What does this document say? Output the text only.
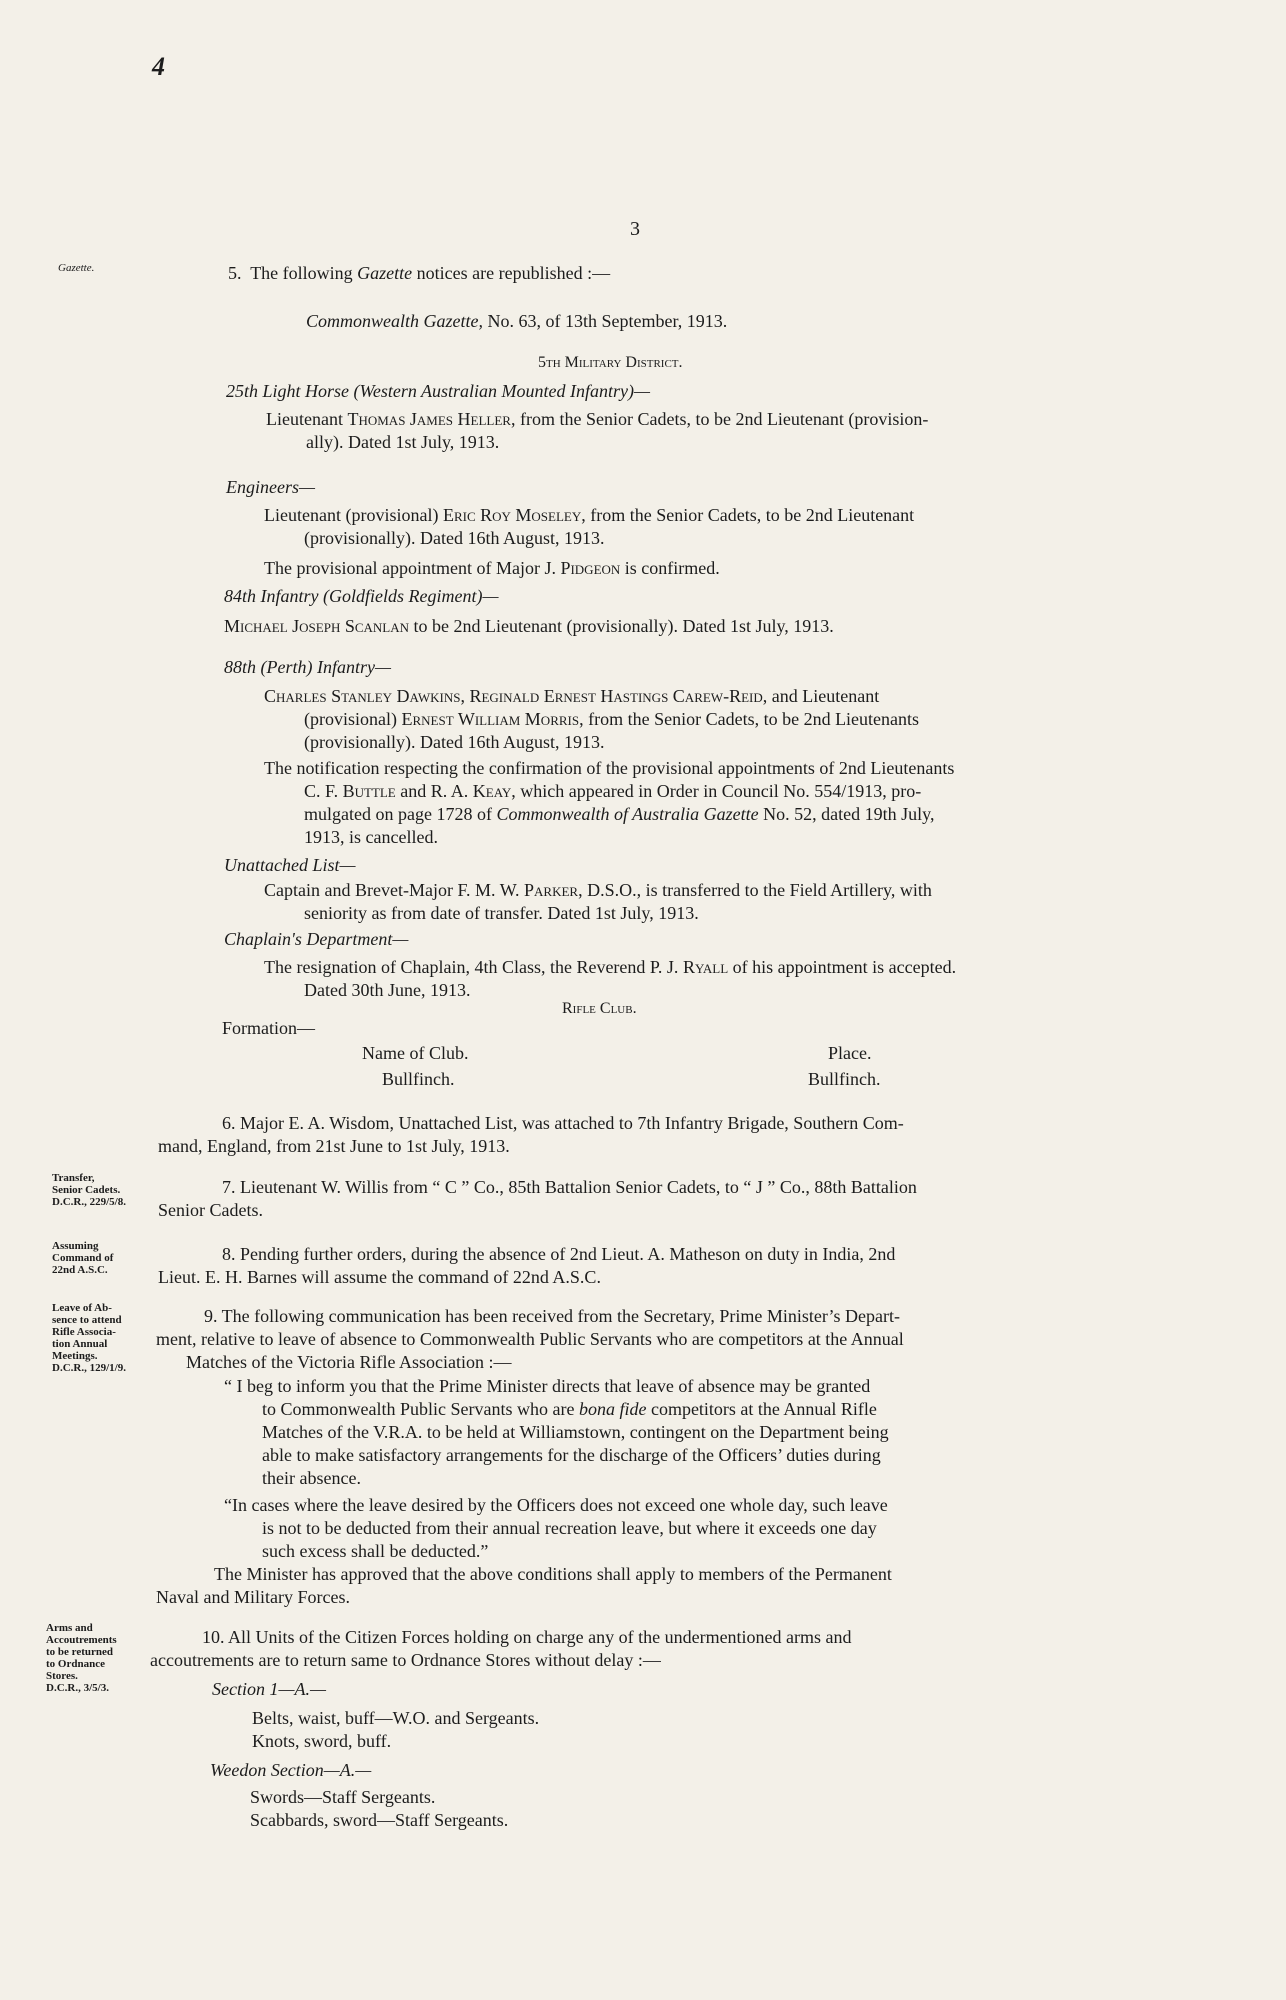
4
3
Gazette.
Transfer,
Senior Cadets.
D.C.R., 229/5/8.
Assuming
Command of
22nd A.S.C.
Leave of Ab-
sence to attend
Rifle Associa-
tion Annual
Meetings.
D.C.R., 129/1/9.
Arms and
Accoutrements
to be returned
to Ordnance
Stores.
D.C.R., 3/5/3.
5. The following Gazette notices are republished :—
Commonwealth Gazette, No. 63, of 13th September, 1913.
5th Military District.
25th Light Horse (Western Australian Mounted Infantry)—
Lieutenant Thomas James Heller, from the Senior Cadets, to be 2nd Lieutenant (provision-
ally). Dated 1st July, 1913.
Engineers—
Lieutenant (provisional) Eric Roy Moseley, from the Senior Cadets, to be 2nd Lieutenant
(provisionally). Dated 16th August, 1913.
The provisional appointment of Major J. Pidgeon is confirmed.
84th Infantry (Goldfields Regiment)—
Michael Joseph Scanlan to be 2nd Lieutenant (provisionally). Dated 1st July, 1913.
88th (Perth) Infantry—
Charles Stanley Dawkins, Reginald Ernest Hastings Carew-Reid, and Lieutenant
(provisional) Ernest William Morris, from the Senior Cadets, to be 2nd Lieutenants
(provisionally). Dated 16th August, 1913.
The notification respecting the confirmation of the provisional appointments of 2nd Lieutenants
C. F. Buttle and R. A. Keay, which appeared in Order in Council No. 554/1913, pro-
mulgated on page 1728 of Commonwealth of Australia Gazette No. 52, dated 19th July,
1913, is cancelled.
Unattached List—
Captain and Brevet-Major F. M. W. Parker, D.S.O., is transferred to the Field Artillery, with
seniority as from date of transfer. Dated 1st July, 1913.
Chaplain's Department—
The resignation of Chaplain, 4th Class, the Reverend P. J. Ryall of his appointment is accepted.
Dated 30th June, 1913.
Rifle Club.
Formation—
Name of Club.	Place.
Bullfinch.	Bullfinch.
6. Major E. A. Wisdom, Unattached List, was attached to 7th Infantry Brigade, Southern Com-
mand, England, from 21st June to 1st July, 1913.
7. Lieutenant W. Willis from “ C ” Co., 85th Battalion Senior Cadets, to “ J ” Co., 88th Battalion
Senior Cadets.
8. Pending further orders, during the absence of 2nd Lieut. A. Matheson on duty in India, 2nd
Lieut. E. H. Barnes will assume the command of 22nd A.S.C.
9. The following communication has been received from the Secretary, Prime Minister’s Depart-
ment, relative to leave of absence to Commonwealth Public Servants who are competitors at the Annual
Matches of the Victoria Rifle Association :—
“ I beg to inform you that the Prime Minister directs that leave of absence may be granted
to Commonwealth Public Servants who are bona fide competitors at the Annual Rifle
Matches of the V.R.A. to be held at Williamstown, contingent on the Department being
able to make satisfactory arrangements for the discharge of the Officers’ duties during
their absence.
“In cases where the leave desired by the Officers does not exceed one whole day, such leave
is not to be deducted from their annual recreation leave, but where it exceeds one day
such excess shall be deducted.”
The Minister has approved that the above conditions shall apply to members of the Permanent
Naval and Military Forces.
10. All Units of the Citizen Forces holding on charge any of the undermentioned arms and
accoutrements are to return same to Ordnance Stores without delay :—
Section 1—A.—
Belts, waist, buff—W.O. and Sergeants.
Knots, sword, buff.
Weedon Section—A.—
Swords—Staff Sergeants.
Scabbards, sword—Staff Sergeants.
